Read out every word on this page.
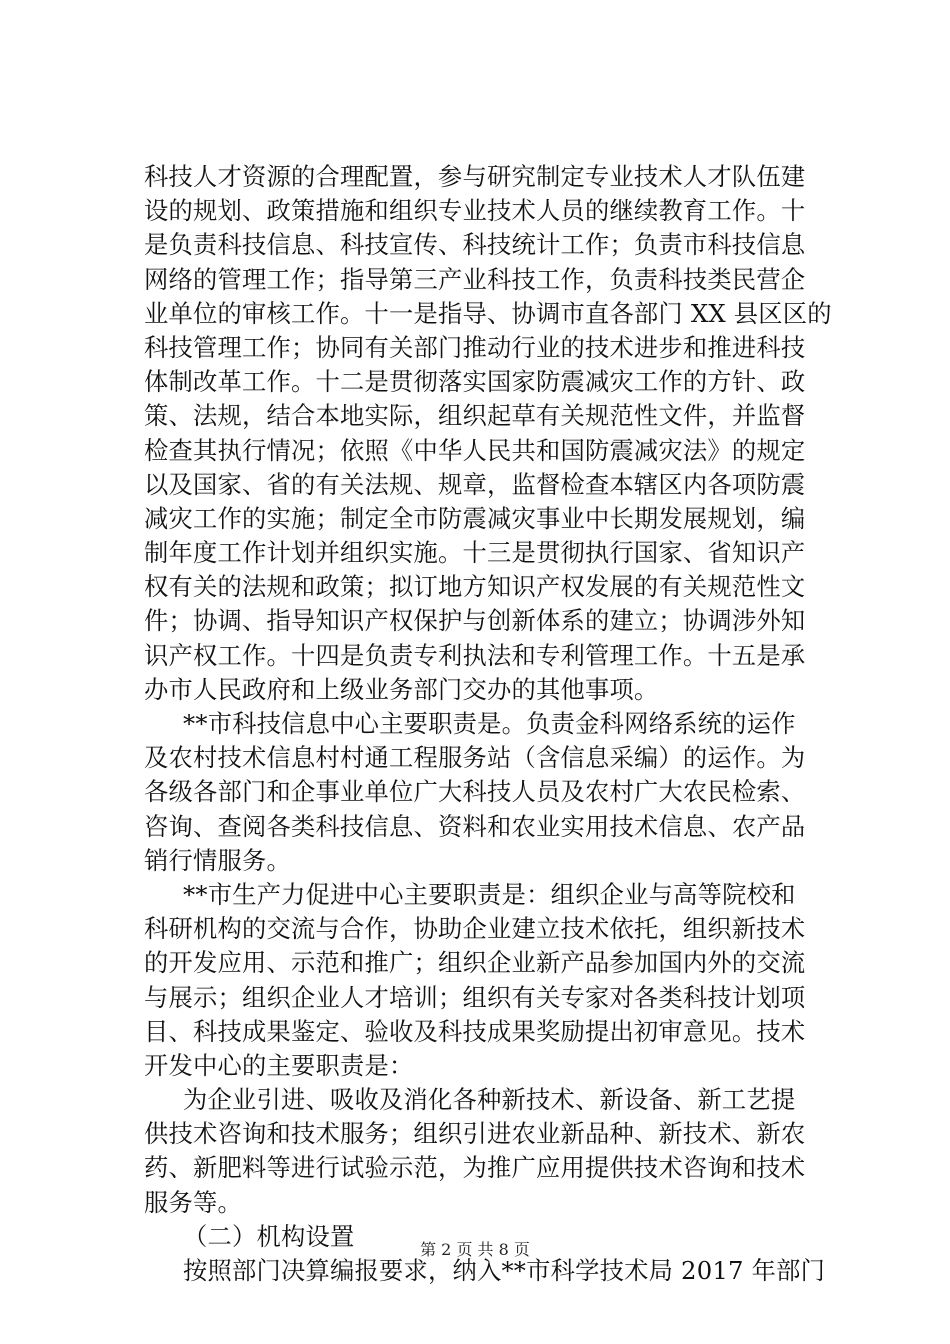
科技人才资源的合理配置，参与研究制定专业技术人才队伍建
设的规划、政策措施和组织专业技术人员的继续教育工作。十
是负责科技信息、科技宣传、科技统计工作；负责市科技信息
网络的管理工作；指导第三产业科技工作，负责科技类民营企
业单位的审核工作。十一是指导、协调市直各部门 XX 县区区的
科技管理工作；协同有关部门推动行业的技术进步和推进科技
体制改革工作。十二是贯彻落实国家防震减灾工作的方针、政
策、法规，结合本地实际，组织起草有关规范性文件，并监督
检查其执行情况；依照《中华人民共和国防震减灾法》的规定
以及国家、省的有关法规、规章，监督检查本辖区内各项防震
减灾工作的实施；制定全市防震减灾事业中长期发展规划，编
制年度工作计划并组织实施。十三是贯彻执行国家、省知识产
权有关的法规和政策；拟订地方知识产权发展的有关规范性文
件；协调、指导知识产权保护与创新体系的建立；协调涉外知
识产权工作。十四是负责专利执法和专利管理工作。十五是承
办市人民政府和上级业务部门交办的其他事项。
**市科技信息中心主要职责是。负责金科网络系统的运作
及农村技术信息村村通工程服务站（含信息采编）的运作。为
各级各部门和企事业单位广大科技人员及农村广大农民检索、
咨询、查阅各类科技信息、资料和农业实用技术信息、农产品
销行情服务。
**市生产力促进中心主要职责是：组织企业与高等院校和
科研机构的交流与合作，协助企业建立技术依托，组织新技术
的开发应用、示范和推广；组织企业新产品参加国内外的交流
与展示；组织企业人才培训；组织有关专家对各类科技计划项
目、科技成果鉴定、验收及科技成果奖励提出初审意见。技术
开发中心的主要职责是：
为企业引进、吸收及消化各种新技术、新设备、新工艺提
供技术咨询和技术服务；组织引进农业新品种、新技术、新农
药、新肥料等进行试验示范，为推广应用提供技术咨询和技术
服务等。
（二）机构设置
按照部门决算编报要求，纳入**市科学技术局 2017 年部门
第 2 页 共 8 页
